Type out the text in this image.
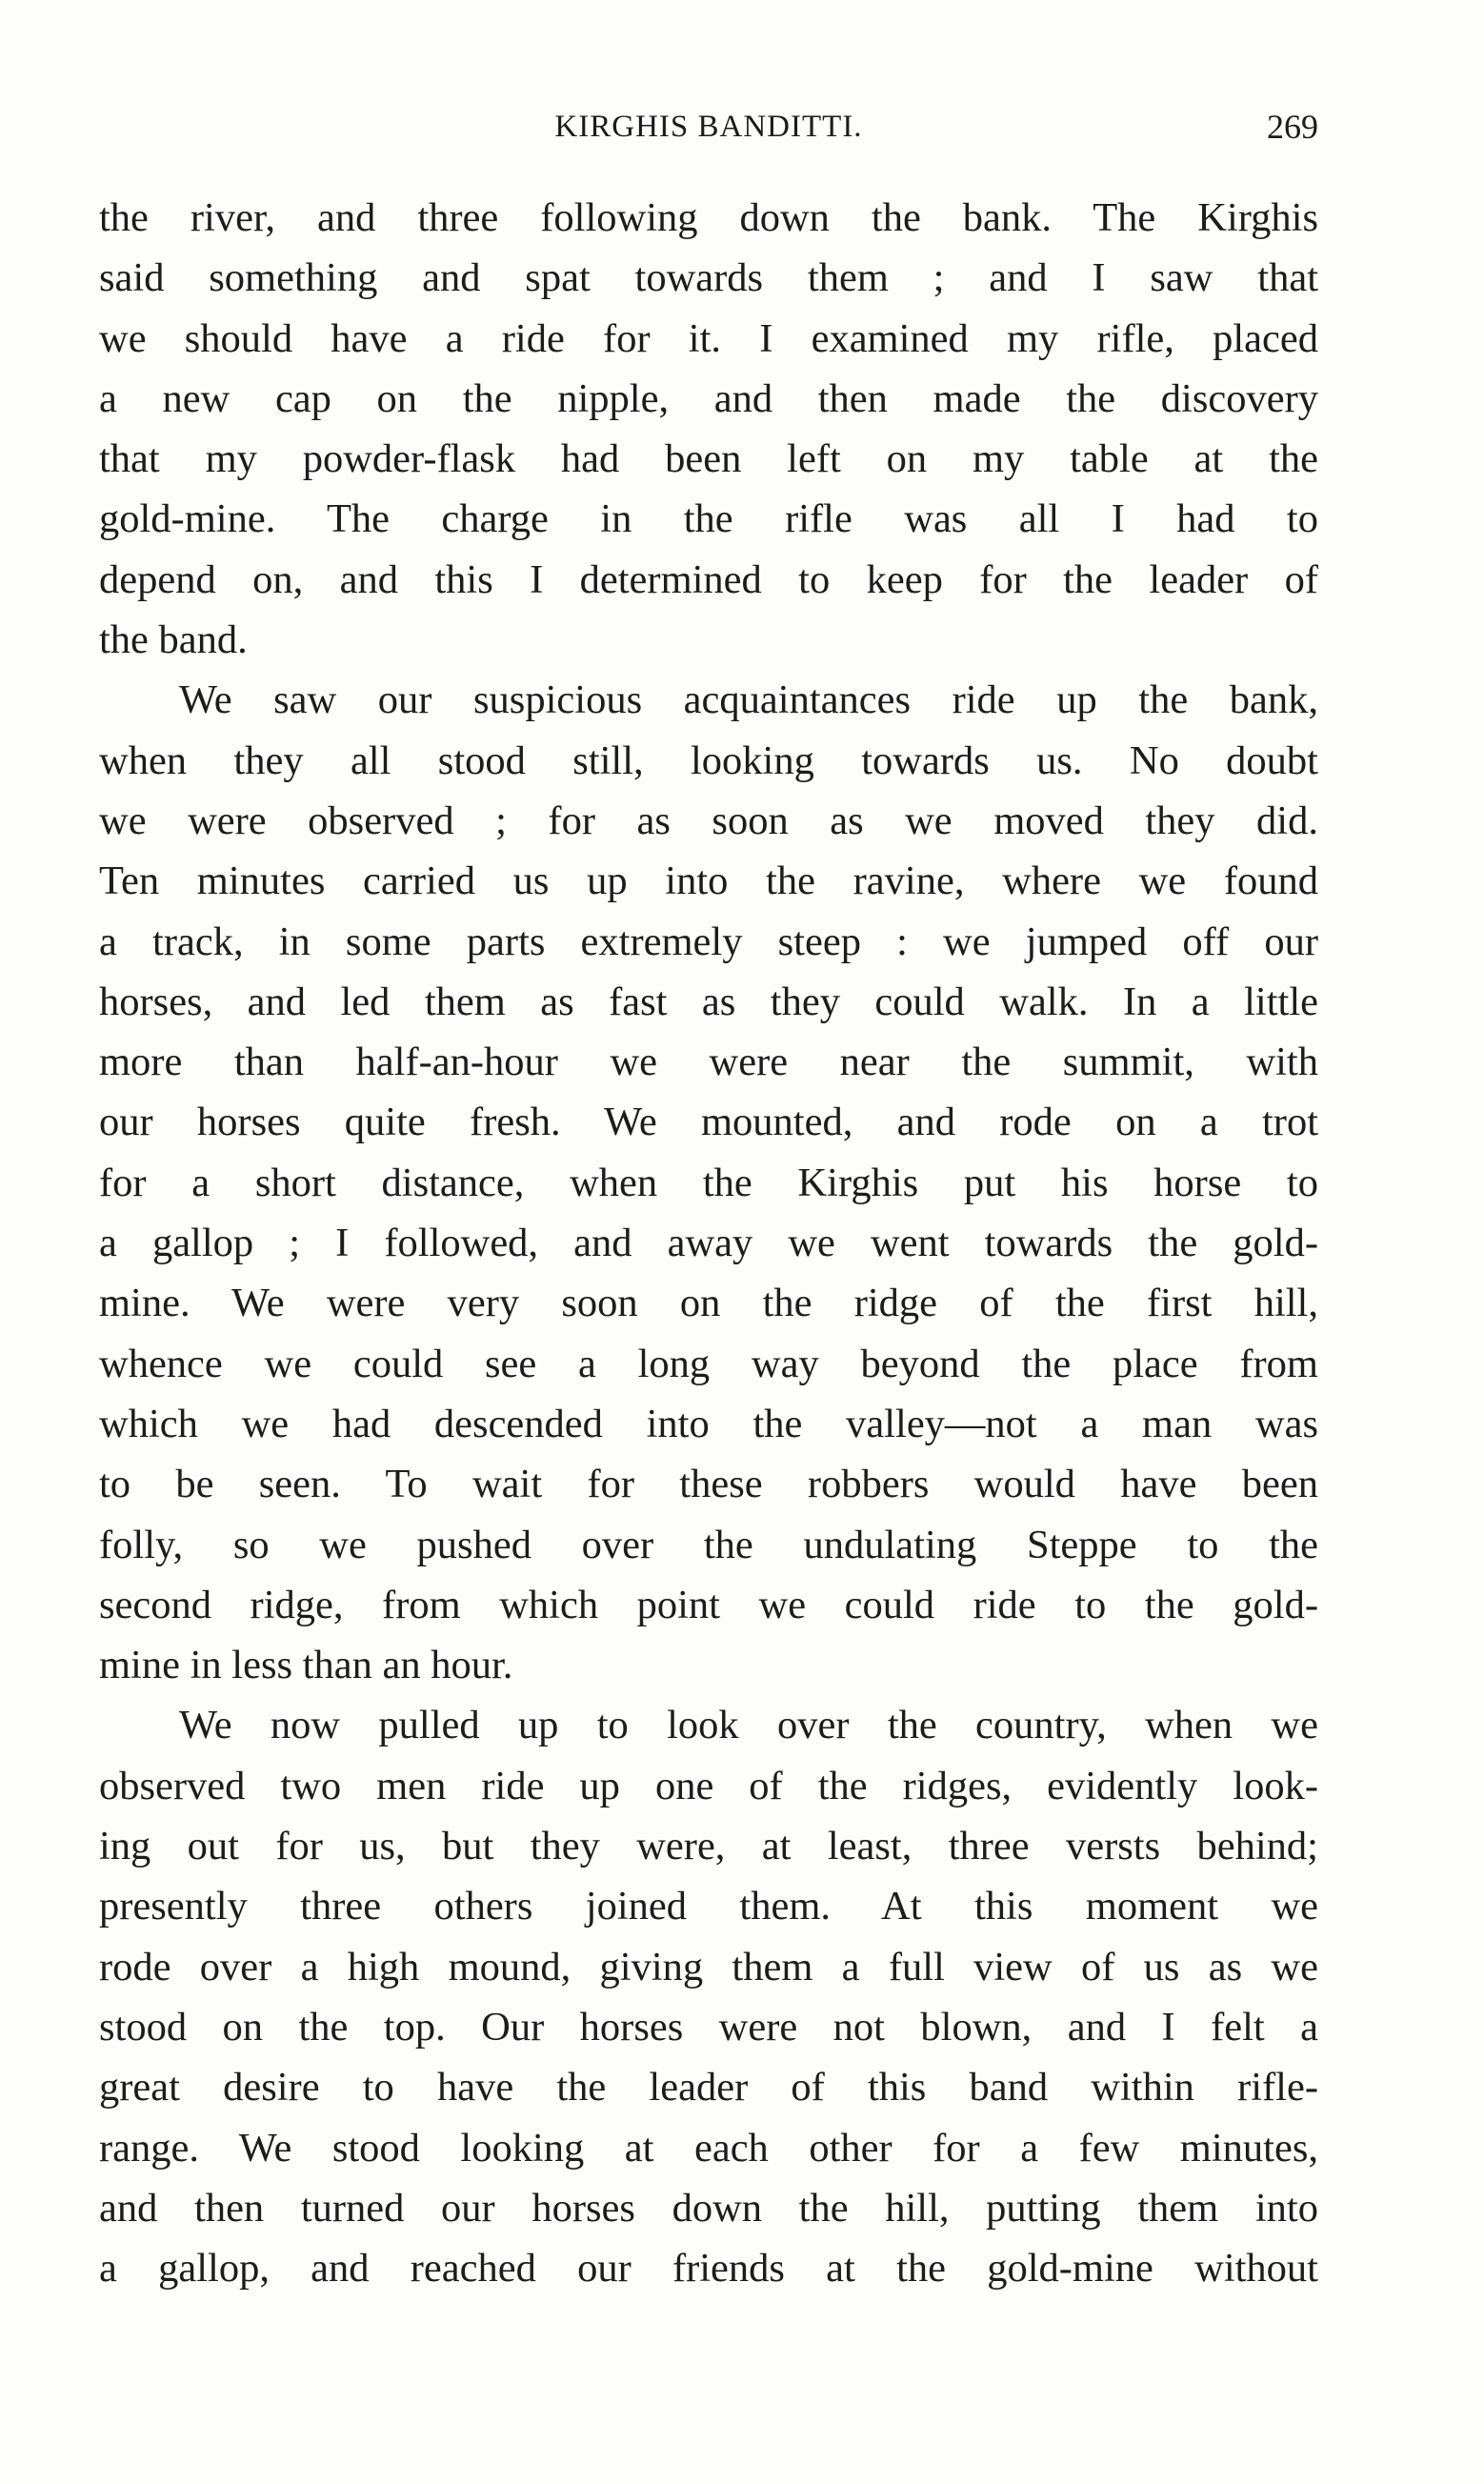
KIRGHIS BANDITTI.	269
the river, and three following down the bank. The Kirghis
said something and spat towards them ; and I saw that
we should have a ride for it. I examined my rifle, placed
a new cap on the nipple, and then made the discovery
that my powder-flask had been left on my table at the
gold-mine. The charge in the rifle was all I had to
depend on, and this I determined to keep for the leader of
the band.
We saw our suspicious acquaintances ride up the bank,
when they all stood still, looking towards us. No doubt
we were observed ; for as soon as we moved they did.
Ten minutes carried us up into the ravine, where we found
a track, in some parts extremely steep : we jumped off our
horses, and led them as fast as they could walk. In a little
more than half-an-hour we were near the summit, with
our horses quite fresh. We mounted, and rode on a trot
for a short distance, when the Kirghis put his horse to
a gallop ; I followed, and away we went towards the gold-
mine. We were very soon on the ridge of the first hill,
whence we could see a long way beyond the place from
which we had descended into the valley—not a man was
to be seen. To wait for these robbers would have been
folly, so we pushed over the undulating Steppe to the
second ridge, from which point we could ride to the gold-
mine in less than an hour.
We now pulled up to look over the country, when we
observed two men ride up one of the ridges, evidently look-
ing out for us, but they were, at least, three versts behind;
presently three others joined them. At this moment we
rode over a high mound, giving them a full view of us as we
stood on the top. Our horses were not blown, and I felt a
great desire to have the leader of this band within rifle-
range. We stood looking at each other for a few minutes,
and then turned our horses down the hill, putting them into
a gallop, and reached our friends at the gold-mine without
